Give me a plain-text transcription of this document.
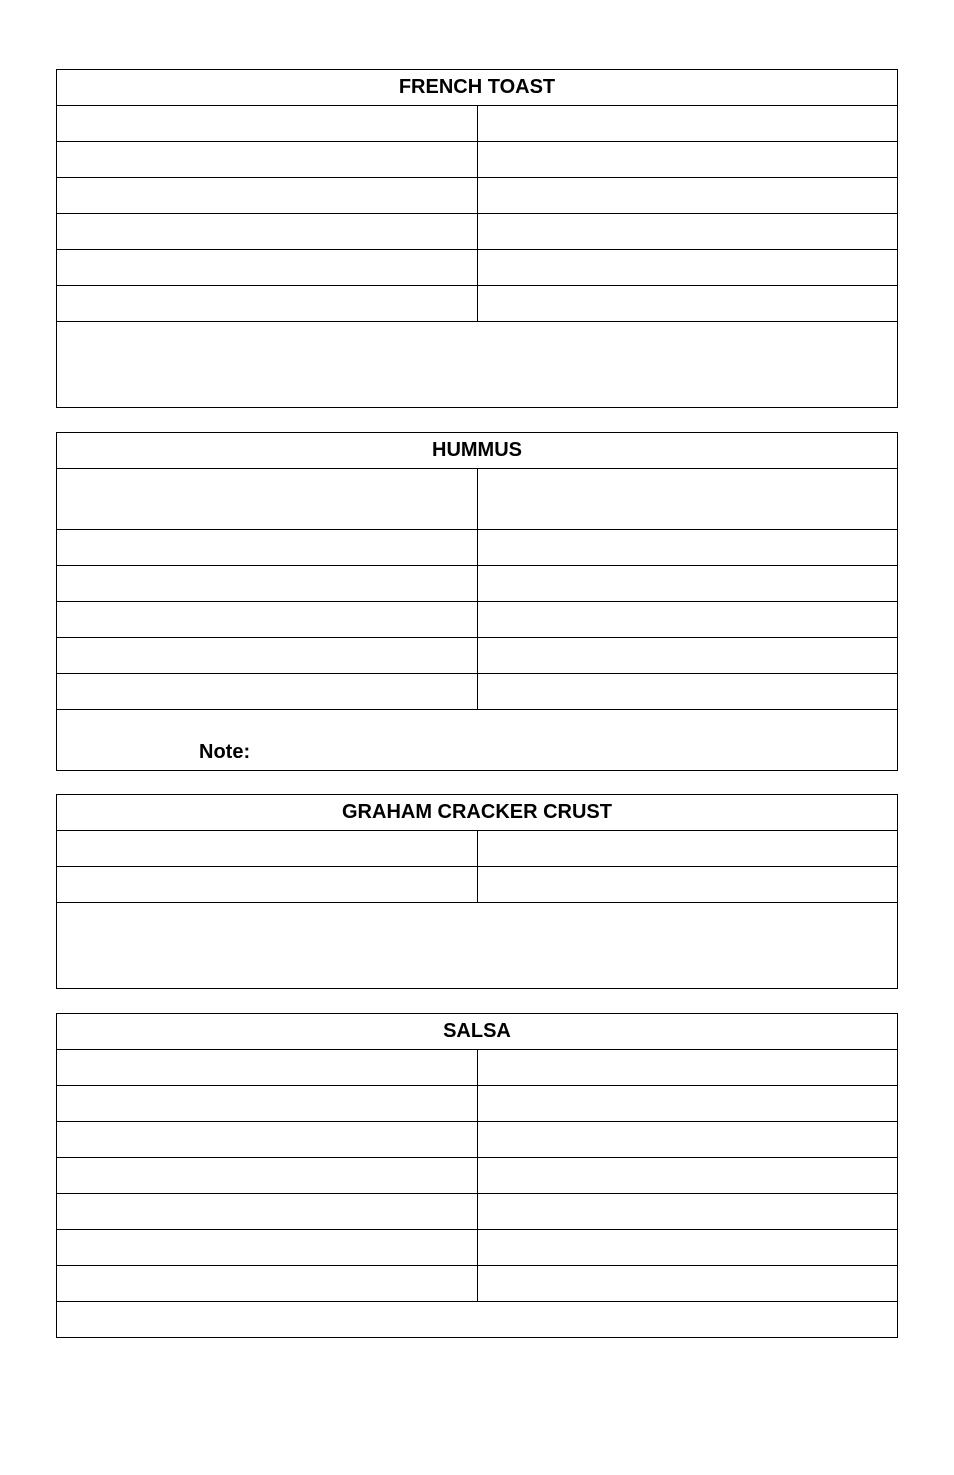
FRENCH TOAST	

HUMMUS	

Note:	
GRAHAM CRACKER CRUST	

SALSA	
